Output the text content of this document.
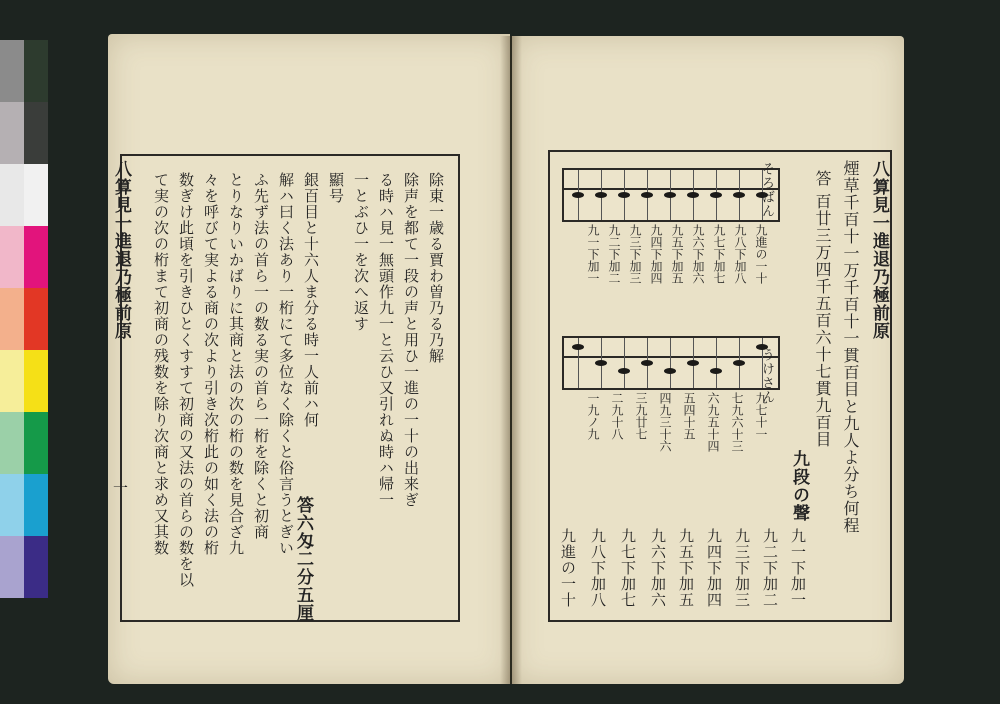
八算見一進退乃極前原
一
除東一歳る賈わ曽乃る乃解
除声を都て一段の声と用ひ一進の一十の出来ぎ
る時ハ見一無頭作九一と云ひ又引れぬ時ハ帰一
一とぶひ一を次へ返す
顯号
銀百目と十六人ま分る時一人前ハ何
解ハ曰く法あり一桁にて多位なく除くと俗言うとぎい
ふ先ず法の首ら一の数る実の首ら一桁を除くと初商
とりなりいかばりに其商と法の次の桁の数を見合ざ九
々を呼びて実よる商の次より引き次桁此の如く法の桁
数ぎけ此頃を引きひとくすすて初商の又法の首らの数を以
て実の次の桁まて初商の残数を除り次商と求め又其数
答六匁二分五厘
八算見一進退乃極前原
煙草千百十一万千百十一貫百目と九人よ分ち何程
答 百廿三万四千五百六十七貫九百目
そろばん
九進の一十
九八下加八
九七下加七
九六下加六
九五下加五
九四下加四
九三下加三
九二下加二
九一下加一
うけさん
九七十一
七九六十三
六九五十四
五四十五
四九三十六
三九廿七
二九十八
一九ノ九
九段の聲
九一下加一
九二下加二
九三下加三
九四下加四
九五下加五
九六下加六
九七下加七
九八下加八
九進の一十
